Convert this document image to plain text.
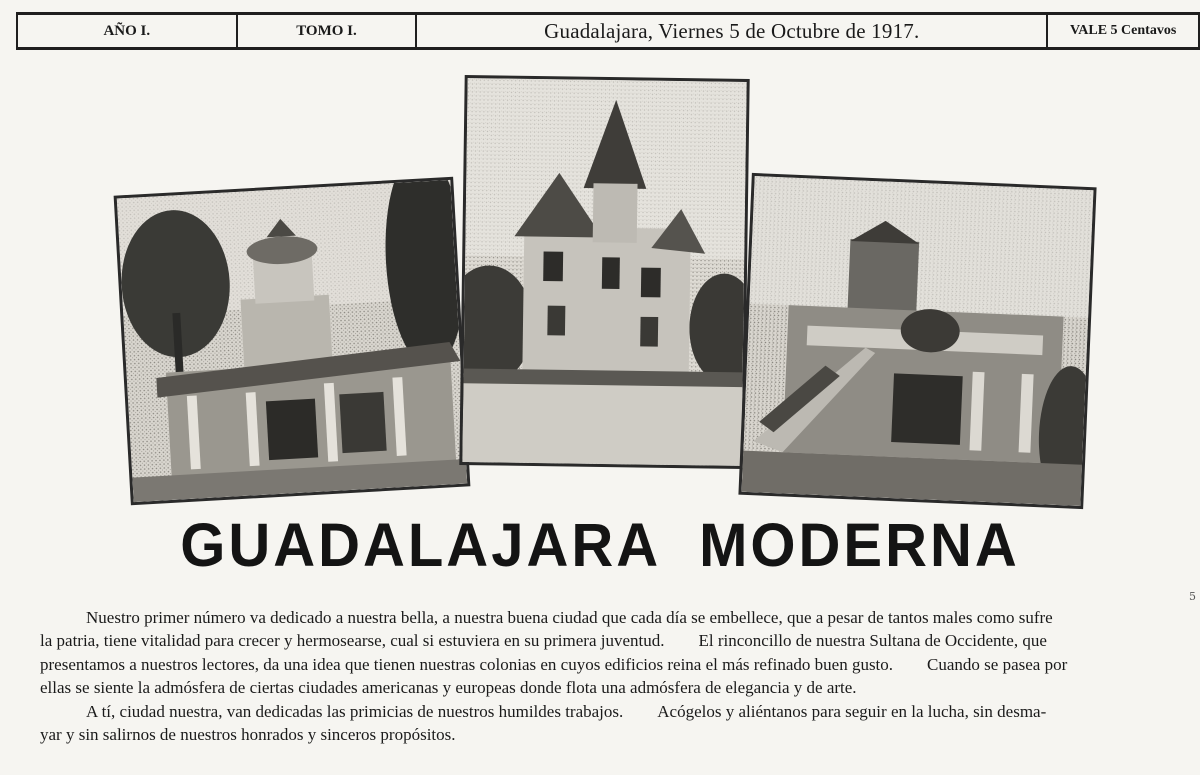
AÑO I.	TOMO I.	Guadalajara, Viernes 5 de Octubre de 1917.	VALE 5 Centavos
GUADALAJARA MODERNA
Nuestro primer número va dedicado a nuestra bella, a nuestra buena ciudad que cada día se embellece, que a pesar de tantos males como sufre
la patria, tiene vitalidad para crecer y hermosearse, cual si estuviera en su primera juventud. El rinconcillo de nuestra Sultana de Occidente, que
presentamos a nuestros lectores, da una idea que tienen nuestras colonias en cuyos edificios reina el más refinado buen gusto. Cuando se pasea por
ellas se siente la admósfera de ciertas ciudades americanas y europeas donde flota una admósfera de elegancia y de arte.
A tí, ciudad nuestra, van dedicadas las primicias de nuestros humildes trabajos. Acógelos y aliéntanos para seguir en la lucha, sin desma-
yar y sin salirnos de nuestros honrados y sinceros propósitos.
5
